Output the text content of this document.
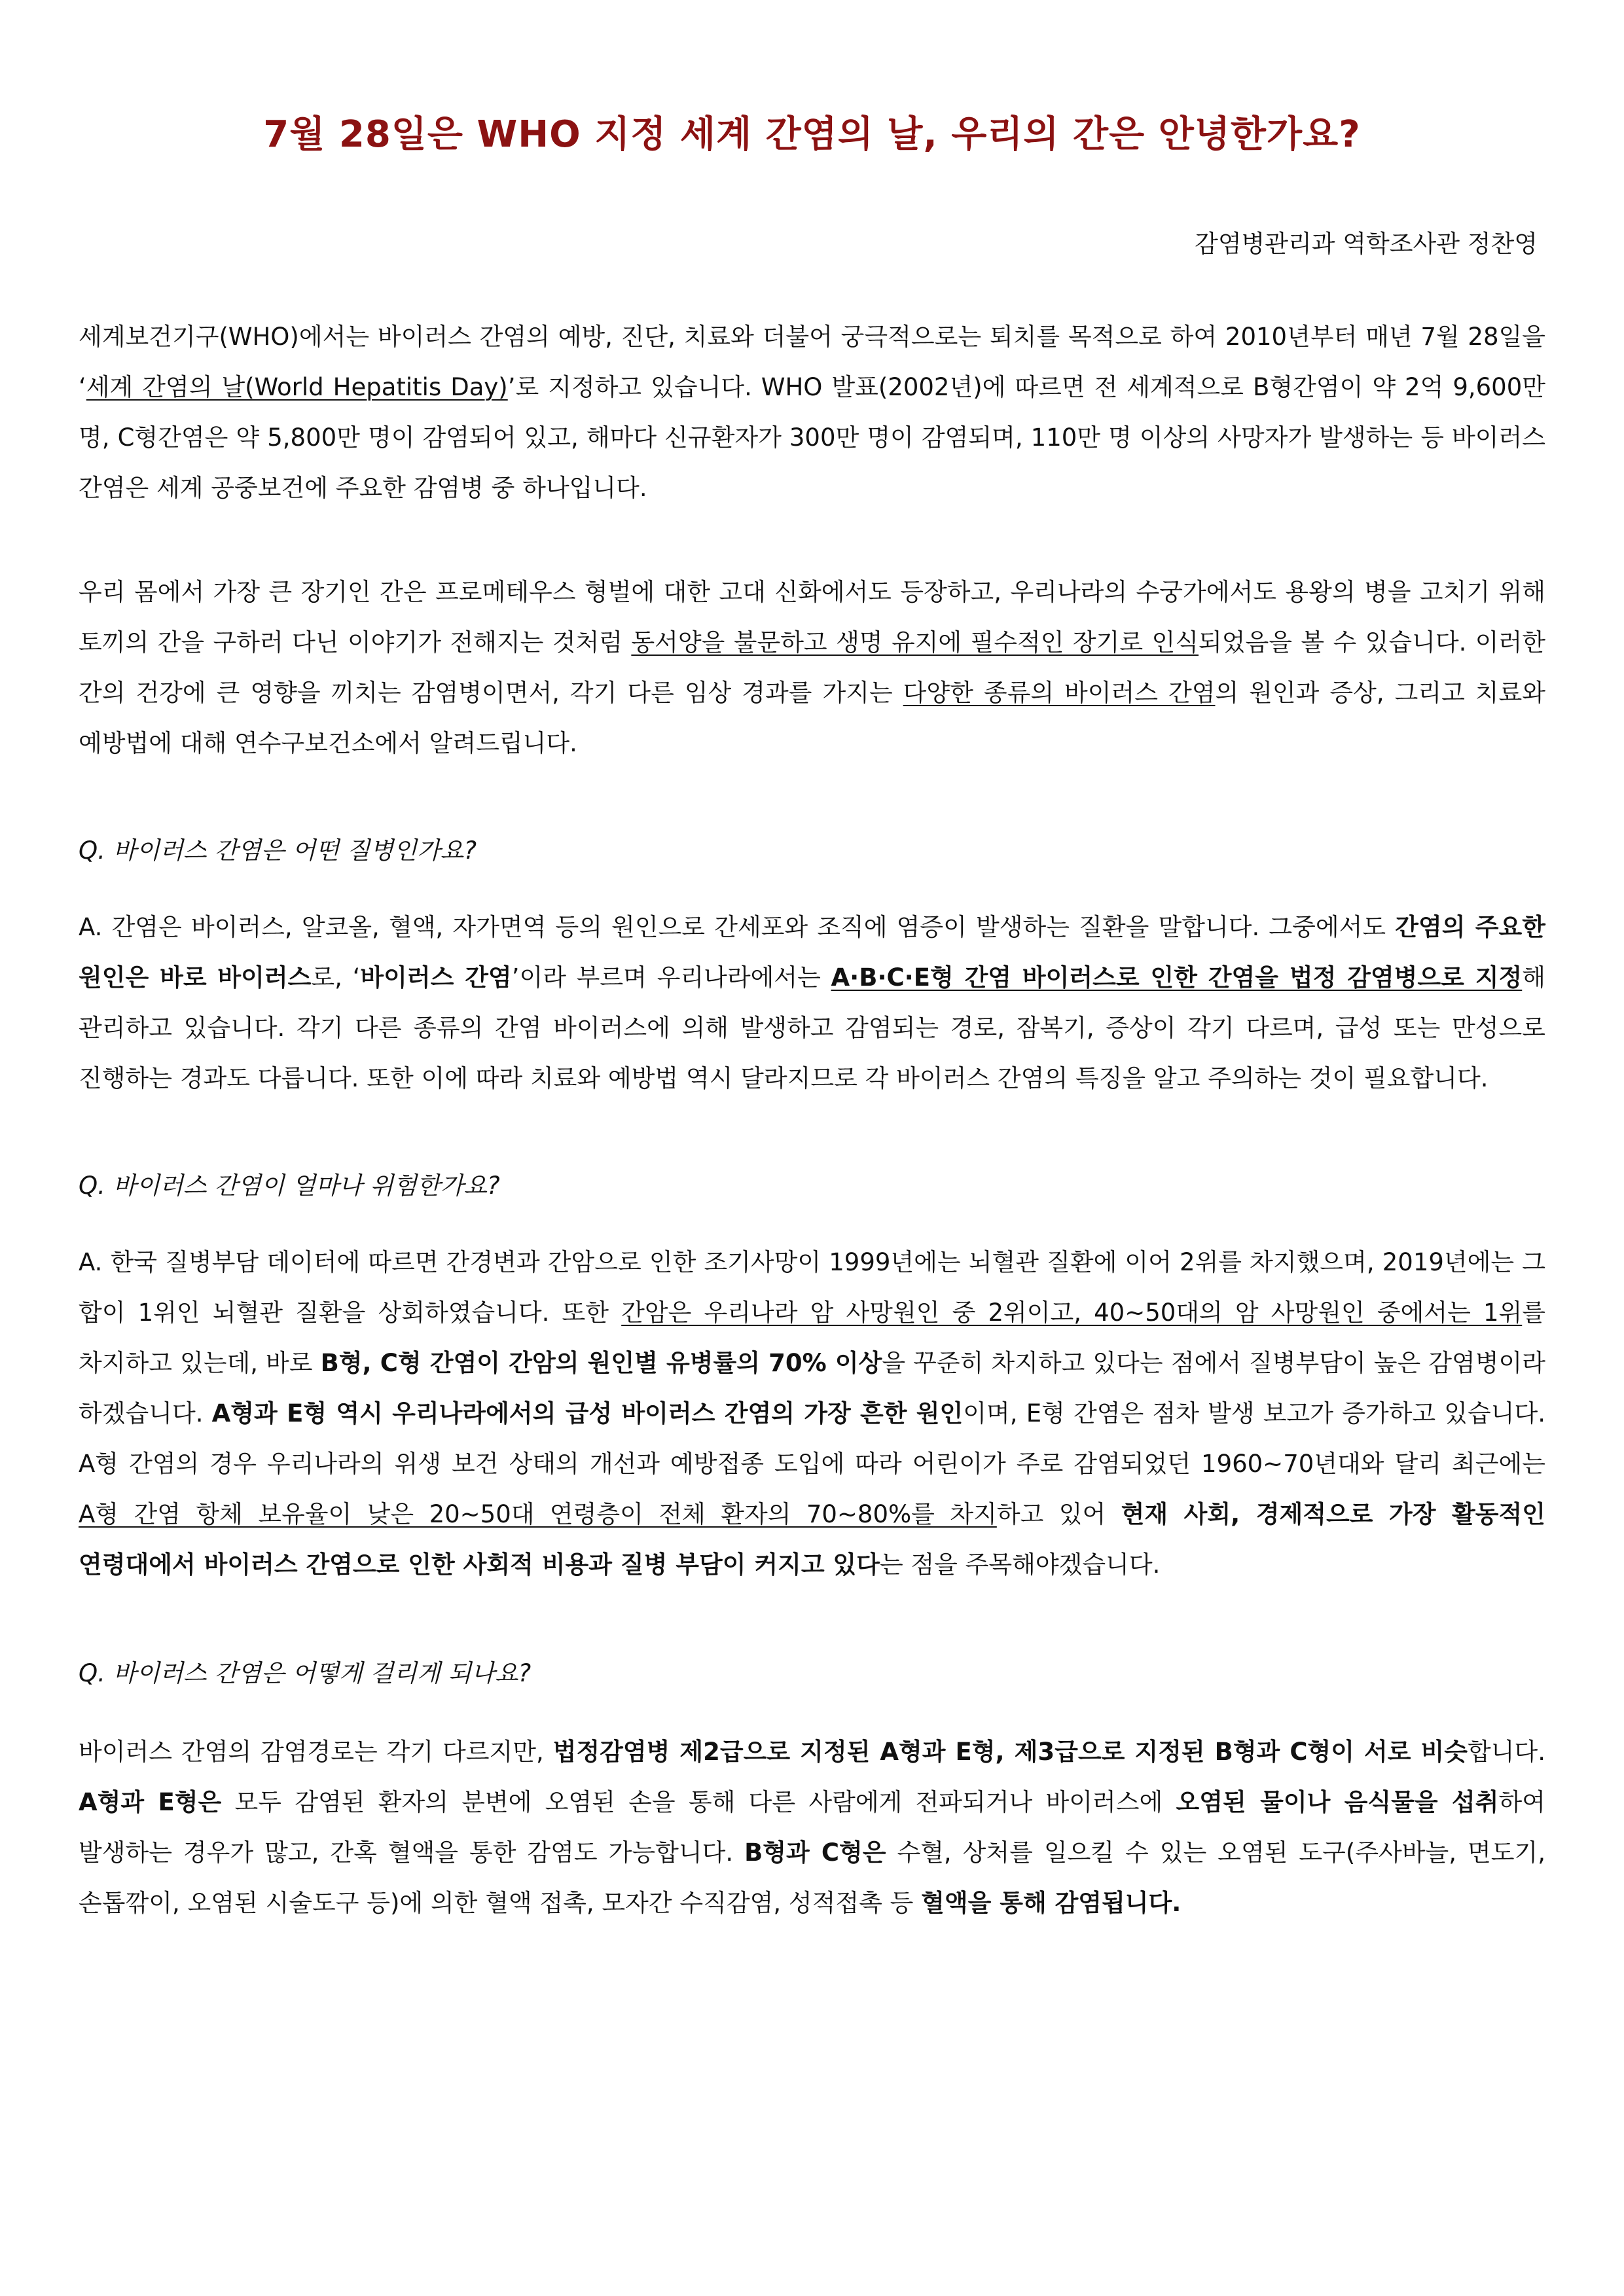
7월 28일은 WHO 지정 세계 간염의 날, 우리의 간은 안녕한가요?

감염병관리과 역학조사관 정찬영

세계보건기구(WHO)에서는 바이러스 간염의 예방, 진단, 치료와 더불어 궁극적으로는 퇴치를 목적으로 하여 2010년부터 매년 7월 28일을 ‘세계 간염의 날(World Hepatitis Day)’로 지정하고 있습니다. WHO 발표(2002년)에 따르면 전 세계적으로 B형간염이 약 2억 9,600만 명, C형간염은 약 5,800만 명이 감염되어 있고, 해마다 신규환자가 300만 명이 감염되며, 110만 명 이상의 사망자가 발생하는 등 바이러스 간염은 세계 공중보건에 주요한 감염병 중 하나입니다.

우리 몸에서 가장 큰 장기인 간은 프로메테우스 형벌에 대한 고대 신화에서도 등장하고, 우리나라의 수궁가에서도 용왕의 병을 고치기 위해 토끼의 간을 구하러 다닌 이야기가 전해지는 것처럼 동서양을 불문하고 생명 유지에 필수적인 장기로 인식되었음을 볼 수 있습니다. 이러한 간의 건강에 큰 영향을 끼치는 감염병이면서, 각기 다른 임상 경과를 가지는 다양한 종류의 바이러스 간염의 원인과 증상, 그리고 치료와 예방법에 대해 연수구보건소에서 알려드립니다.

Q. 바이러스 간염은 어떤 질병인가요?

A. 간염은 바이러스, 알코올, 혈액, 자가면역 등의 원인으로 간세포와 조직에 염증이 발생하는 질환을 말합니다. 그중에서도 간염의 주요한 원인은 바로 바이러스로, ‘바이러스 간염’이라 부르며 우리나라에서는 A·B·C·E형 간염 바이러스로 인한 간염을 법정 감염병으로 지정해 관리하고 있습니다. 각기 다른 종류의 간염 바이러스에 의해 발생하고 감염되는 경로, 잠복기, 증상이 각기 다르며, 급성 또는 만성으로 진행하는 경과도 다릅니다. 또한 이에 따라 치료와 예방법 역시 달라지므로 각 바이러스 간염의 특징을 알고 주의하는 것이 필요합니다.

Q. 바이러스 간염이 얼마나 위험한가요?

A. 한국 질병부담 데이터에 따르면 간경변과 간암으로 인한 조기사망이 1999년에는 뇌혈관 질환에 이어 2위를 차지했으며, 2019년에는 그 합이 1위인 뇌혈관 질환을 상회하였습니다. 또한 간암은 우리나라 암 사망원인 중 2위이고, 40~50대의 암 사망원인 중에서는 1위를 차지하고 있는데, 바로 B형, C형 간염이 간암의 원인별 유병률의 70% 이상을 꾸준히 차지하고 있다는 점에서 질병부담이 높은 감염병이라 하겠습니다. A형과 E형 역시 우리나라에서의 급성 바이러스 간염의 가장 흔한 원인이며, E형 간염은 점차 발생 보고가 증가하고 있습니다. A형 간염의 경우 우리나라의 위생 보건 상태의 개선과 예방접종 도입에 따라 어린이가 주로 감염되었던 1960~70년대와 달리 최근에는 A형 간염 항체 보유율이 낮은 20~50대 연령층이 전체 환자의 70~80%를 차지하고 있어 현재 사회, 경제적으로 가장 활동적인 연령대에서 바이러스 간염으로 인한 사회적 비용과 질병 부담이 커지고 있다는 점을 주목해야겠습니다.

Q. 바이러스 간염은 어떻게 걸리게 되나요?

바이러스 간염의 감염경로는 각기 다르지만, 법정감염병 제2급으로 지정된 A형과 E형, 제3급으로 지정된 B형과 C형이 서로 비슷합니다. A형과 E형은 모두 감염된 환자의 분변에 오염된 손을 통해 다른 사람에게 전파되거나 바이러스에 오염된 물이나 음식물을 섭취하여 발생하는 경우가 많고, 간혹 혈액을 통한 감염도 가능합니다. B형과 C형은 수혈, 상처를 일으킬 수 있는 오염된 도구(주사바늘, 면도기, 손톱깎이, 오염된 시술도구 등)에 의한 혈액 접촉, 모자간 수직감염, 성적접촉 등 혈액을 통해 감염됩니다.
